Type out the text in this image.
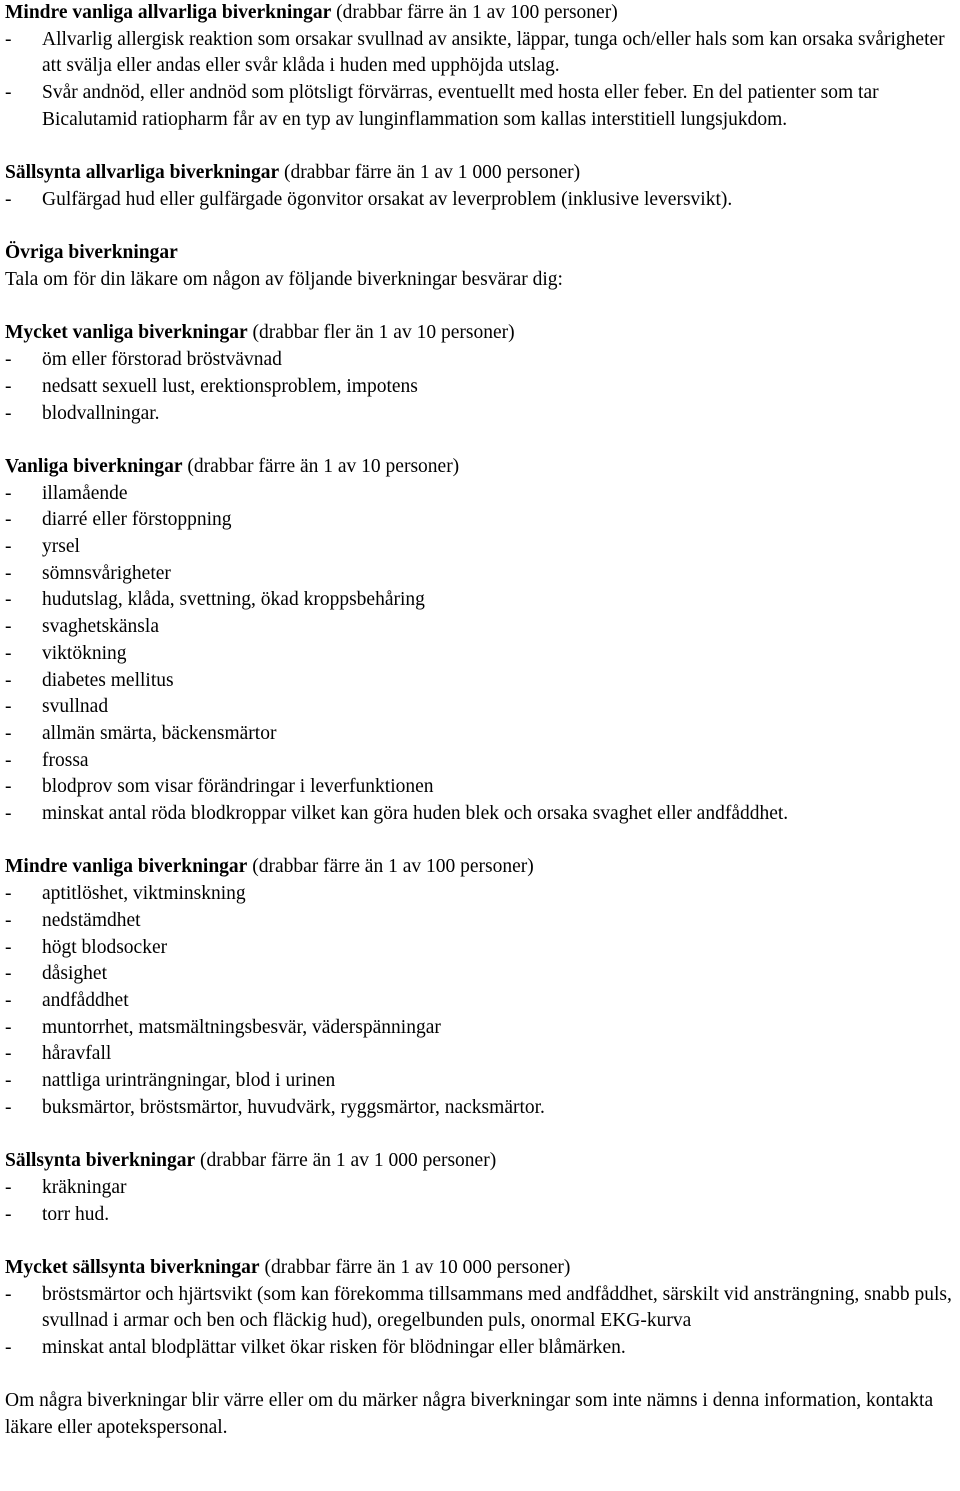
Mindre vanliga allvarliga biverkningar (drabbar färre än 1 av 100 personer)
-	Allvarlig allergisk reaktion som orsakar svullnad av ansikte, läppar, tunga och/eller hals som kan orsaka svårigheter att svälja eller andas eller svår klåda i huden med upphöjda utslag.
-	Svår andnöd, eller andnöd som plötsligt förvärras, eventuellt med hosta eller feber. En del patienter som tar Bicalutamid ratiopharm får av en typ av lunginflammation som kallas interstitiell lungsjukdom.
Sällsynta allvarliga biverkningar (drabbar färre än 1 av 1 000 personer)
-	Gulfärgad hud eller gulfärgade ögonvitor orsakat av leverproblem (inklusive leversvikt).
Övriga biverkningar

Tala om för din läkare om någon av följande biverkningar besvärar dig:

Mycket vanliga biverkningar (drabbar fler än 1 av 10 personer)
-	öm eller förstorad bröstvävnad
-	nedsatt sexuell lust, erektionsproblem, impotens
-	blodvallningar.
Vanliga biverkningar (drabbar färre än 1 av 10 personer)
-	illamående
-	diarré eller förstoppning
-	yrsel
-	sömnsvårigheter
-	hudutslag, klåda, svettning, ökad kroppsbehåring
-	svaghetskänsla
-	viktökning
-	diabetes mellitus
-	svullnad
-	allmän smärta, bäckensmärtor
-	frossa
-	blodprov som visar förändringar i leverfunktionen
-	minskat antal röda blodkroppar vilket kan göra huden blek och orsaka svaghet eller andfåddhet.
Mindre vanliga biverkningar (drabbar färre än 1 av 100 personer)
-	aptitlöshet, viktminskning
-	nedstämdhet
-	högt blodsocker
-	dåsighet
-	andfåddhet
-	muntorrhet, matsmältningsbesvär, väderspänningar
-	håravfall
-	nattliga urinträngningar, blod i urinen
-	buksmärtor, bröstsmärtor, huvudvärk, ryggsmärtor, nacksmärtor.
Sällsynta biverkningar (drabbar färre än 1 av 1 000 personer)
-	kräkningar
-	torr hud.
Mycket sällsynta biverkningar (drabbar färre än 1 av 10 000 personer)
-	bröstsmärtor och hjärtsvikt (som kan förekomma tillsammans med andfåddhet, särskilt vid ansträngning, snabb puls, svullnad i armar och ben och fläckig hud), oregelbunden puls, onormal EKG-kurva
-	minskat antal blodplättar vilket ökar risken för blödningar eller blåmärken.

Om några biverkningar blir värre eller om du märker några biverkningar som inte nämns i denna information, kontakta läkare eller apotekspersonal.
